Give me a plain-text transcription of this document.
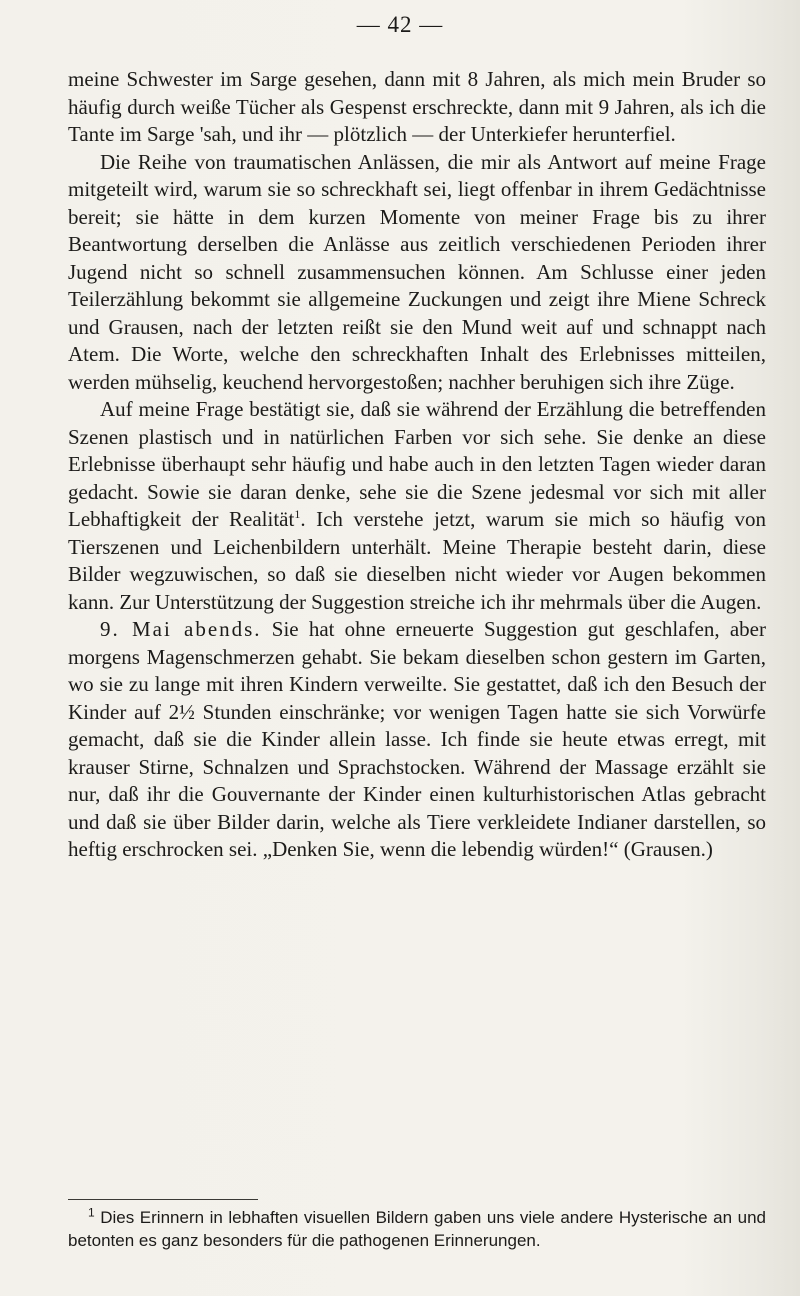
— 42 —

meine Schwester im Sarge gesehen, dann mit 8 Jahren, als mich mein Bruder so häufig durch weiße Tücher als Gespenst erschreckte, dann mit 9 Jahren, als ich die Tante im Sarge 'sah, und ihr — plötzlich — der Unterkiefer herunterfiel.

Die Reihe von traumatischen Anlässen, die mir als Antwort auf meine Frage mitgeteilt wird, warum sie so schreckhaft sei, liegt offenbar in ihrem Gedächtnisse bereit; sie hätte in dem kurzen Momente von meiner Frage bis zu ihrer Beantwortung derselben die Anlässe aus zeitlich verschiedenen Perioden ihrer Jugend nicht so schnell zusammensuchen können. Am Schlusse einer jeden Teilerzählung bekommt sie allgemeine Zuckungen und zeigt ihre Miene Schreck und Grausen, nach der letzten reißt sie den Mund weit auf und schnappt nach Atem. Die Worte, welche den schreckhaften Inhalt des Erlebnisses mitteilen, werden mühselig, keuchend hervorgestoßen; nachher beruhigen sich ihre Züge.

Auf meine Frage bestätigt sie, daß sie während der Erzählung die betreffenden Szenen plastisch und in natürlichen Farben vor sich sehe. Sie denke an diese Erlebnisse überhaupt sehr häufig und habe auch in den letzten Tagen wieder daran gedacht. Sowie sie daran denke, sehe sie die Szene jedesmal vor sich mit aller Lebhaftigkeit der Realität$^1$. Ich verstehe jetzt, warum sie mich so häufig von Tierszenen und Leichenbildern unterhält. Meine Therapie besteht darin, diese Bilder wegzuwischen, so daß sie dieselben nicht wieder vor Augen bekommen kann. Zur Unterstützung der Suggestion streiche ich ihr mehrmals über die Augen.

9. Mai abends. Sie hat ohne erneuerte Suggestion gut geschlafen, aber morgens Magenschmerzen gehabt. Sie bekam dieselben schon gestern im Garten, wo sie zu lange mit ihren Kindern verweilte. Sie gestattet, daß ich den Besuch der Kinder auf 2½ Stunden einschränke; vor wenigen Tagen hatte sie sich Vorwürfe gemacht, daß sie die Kinder allein lasse. Ich finde sie heute etwas erregt, mit krauser Stirne, Schnalzen und Sprachstocken. Während der Massage erzählt sie nur, daß ihr die Gouvernante der Kinder einen kulturhistorischen Atlas gebracht und daß sie über Bilder darin, welche als Tiere verkleidete Indianer darstellen, so heftig erschrocken sei. „Denken Sie, wenn die lebendig würden!“ (Grausen.)

$^1$ Dies Erinnern in lebhaften visuellen Bildern gaben uns viele andere Hysterische an und betonten es ganz besonders für die pathogenen Erinnerungen.
